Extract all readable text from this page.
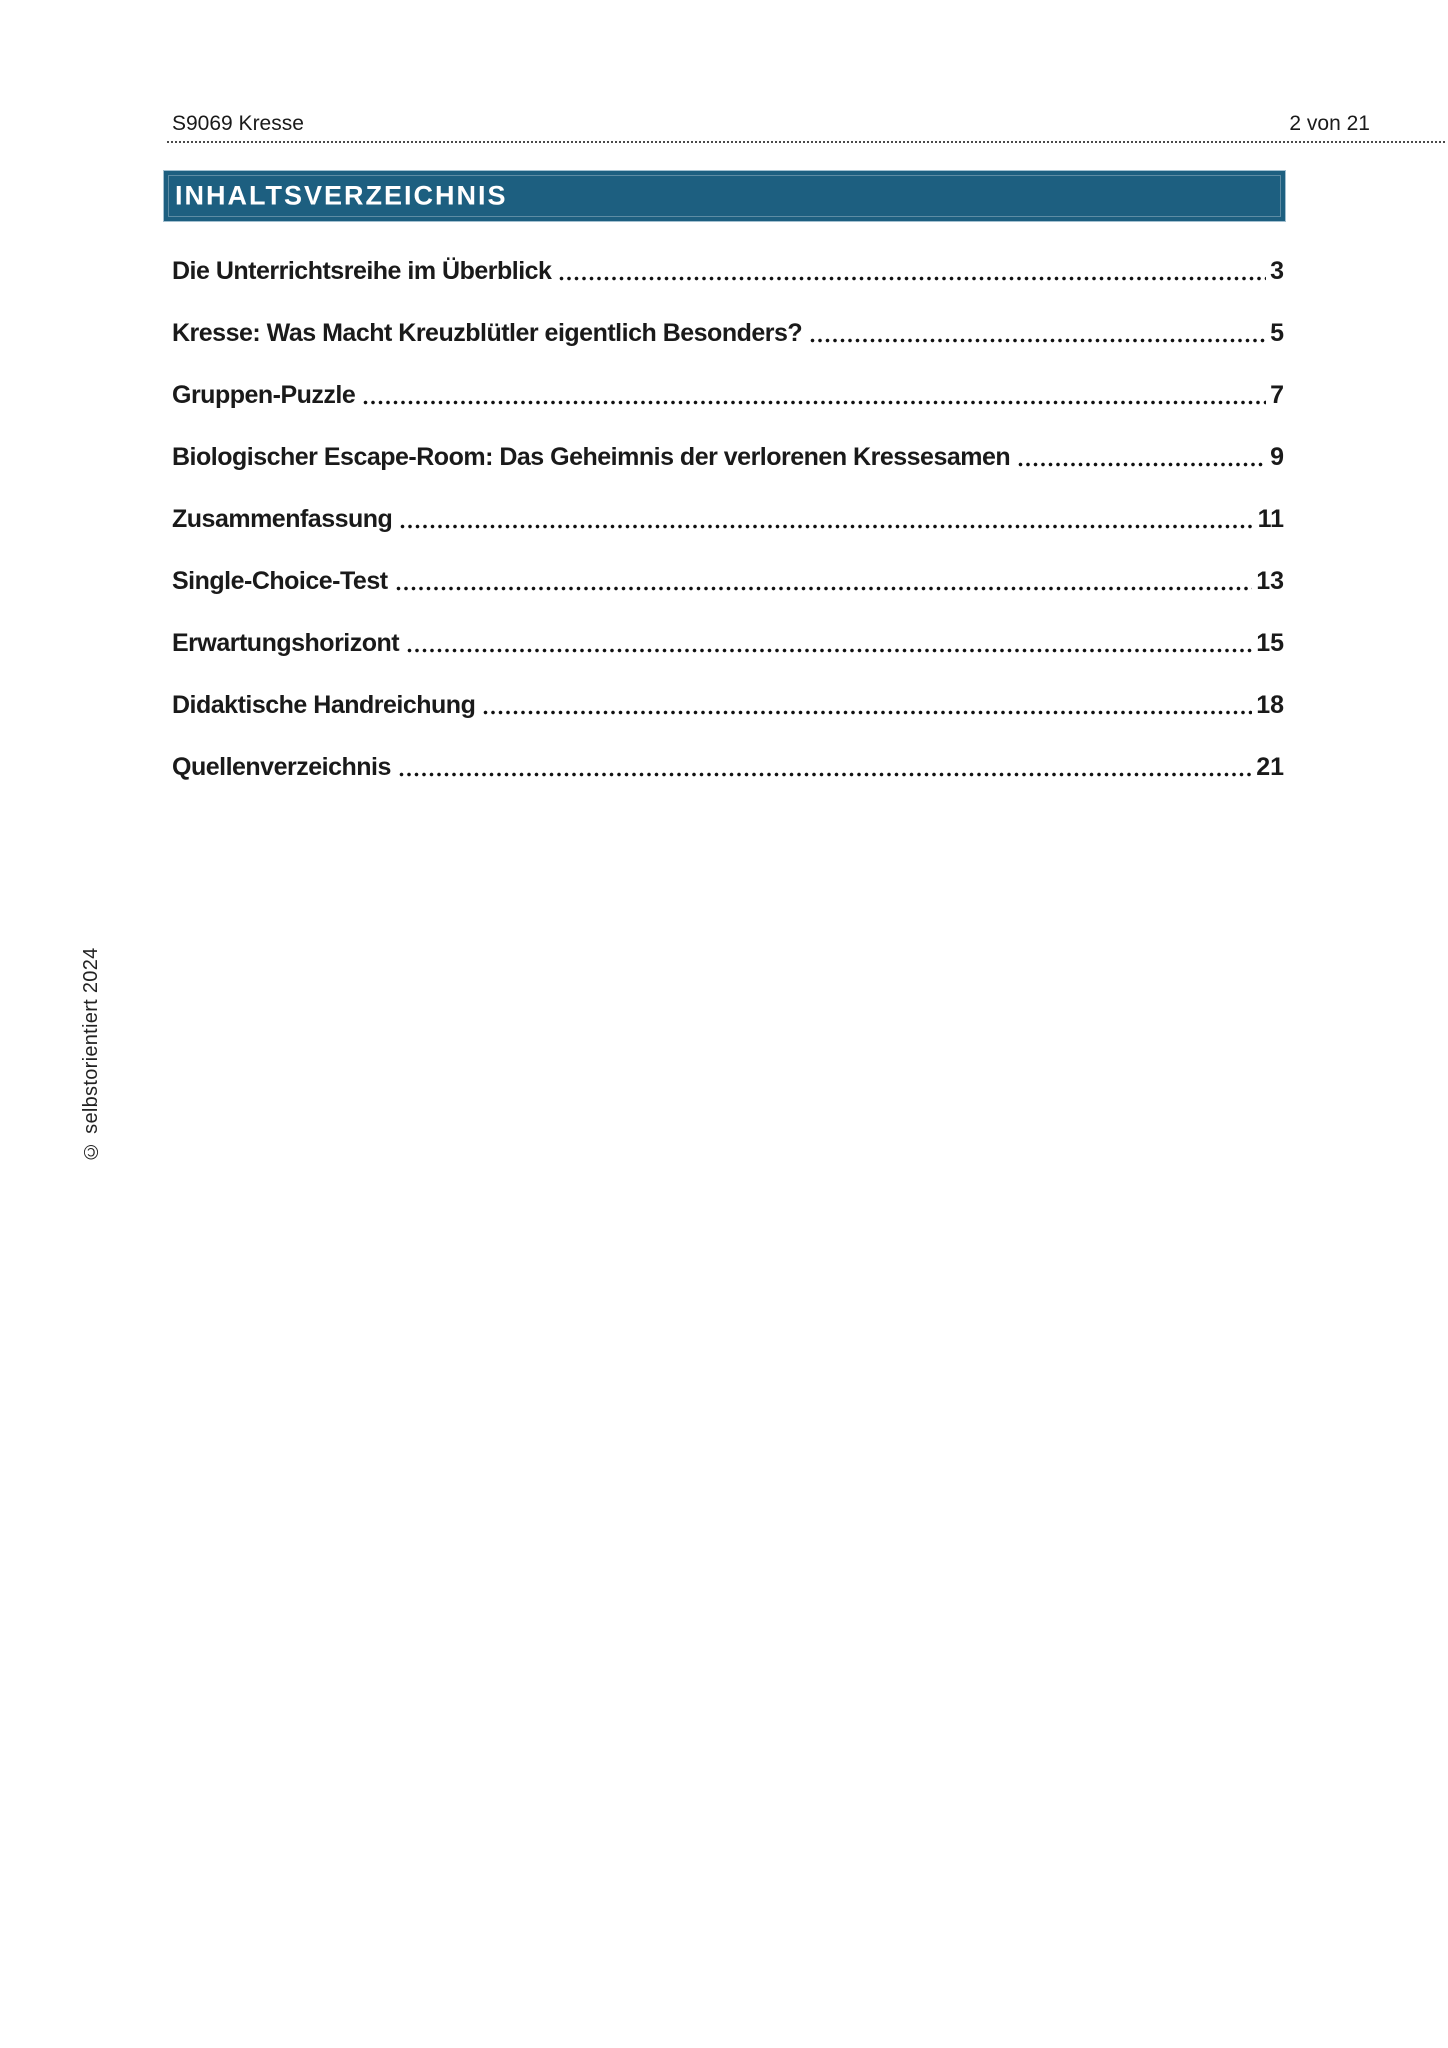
S9069 Kresse	2 von 21
INHALTSVERZEICHNIS
Die Unterrichtsreihe im Überblick	3
Kresse: Was Macht Kreuzblütler eigentlich Besonders?	5
Gruppen-Puzzle	7
Biologischer Escape-Room: Das Geheimnis der verlorenen Kressesamen	9
Zusammenfassung	11
Single-Choice-Test	13
Erwartungshorizont	15
Didaktische Handreichung	18
Quellenverzeichnis	21
© selbstorientiert 2024
